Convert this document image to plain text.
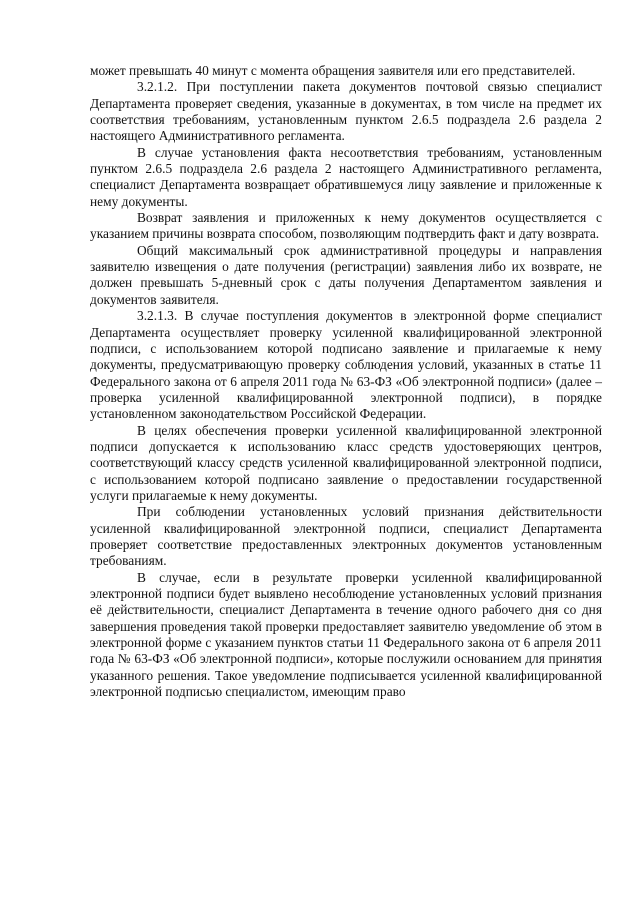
может превышать 40 минут с момента обращения заявителя или его представителей.

3.2.1.2. При поступлении пакета документов почтовой связью специалист Департамента проверяет сведения, указанные в документах, в том числе на предмет их соответствия требованиям, установленным пунктом 2.6.5 подраздела 2.6 раздела 2 настоящего Административного регламента.

В случае установления факта несоответствия требованиям, установленным пунктом 2.6.5 подраздела 2.6 раздела 2 настоящего Административного регламента, специалист Департамента возвращает обратившемуся лицу заявление и приложенные к нему документы.

Возврат заявления и приложенных к нему документов осуществляется с указанием причины возврата способом, позволяющим подтвердить факт и дату возврата.

Общий максимальный срок административной процедуры и направления заявителю извещения о дате получения (регистрации) заявления либо их возврате, не должен превышать 5-дневный срок с даты получения Департаментом заявления и документов заявителя.

3.2.1.3. В случае поступления документов в электронной форме специалист Департамента осуществляет проверку усиленной квалифицированной электронной подписи, с использованием которой подписано заявление и прилагаемые к нему документы, предусматривающую проверку соблюдения условий, указанных в статье 11 Федерального закона от 6 апреля 2011 года № 63-ФЗ «Об электронной подписи» (далее – проверка усиленной квалифицированной электронной подписи), в порядке установленном законодательством Российской Федерации.

В целях обеспечения проверки усиленной квалифицированной электронной подписи допускается к использованию класс средств удостоверяющих центров, соответствующий классу средств усиленной квалифицированной электронной подписи, с использованием которой подписано заявление о предоставлении государственной услуги прилагаемые к нему документы.

При соблюдении установленных условий признания действительности усиленной квалифицированной электронной подписи, специалист Департамента проверяет соответствие предоставленных электронных документов установленным требованиям.

В случае, если в результате проверки усиленной квалифицированной электронной подписи будет выявлено несоблюдение установленных условий признания её действительности, специалист Департамента в течение одного рабочего дня со дня завершения проведения такой проверки предоставляет заявителю уведомление об этом в электронной форме с указанием пунктов статьи 11 Федерального закона от 6 апреля 2011 года № 63-ФЗ «Об электронной подписи», которые послужили основанием для принятия указанного решения. Такое уведомление подписывается усиленной квалифицированной электронной подписью специалистом, имеющим право
